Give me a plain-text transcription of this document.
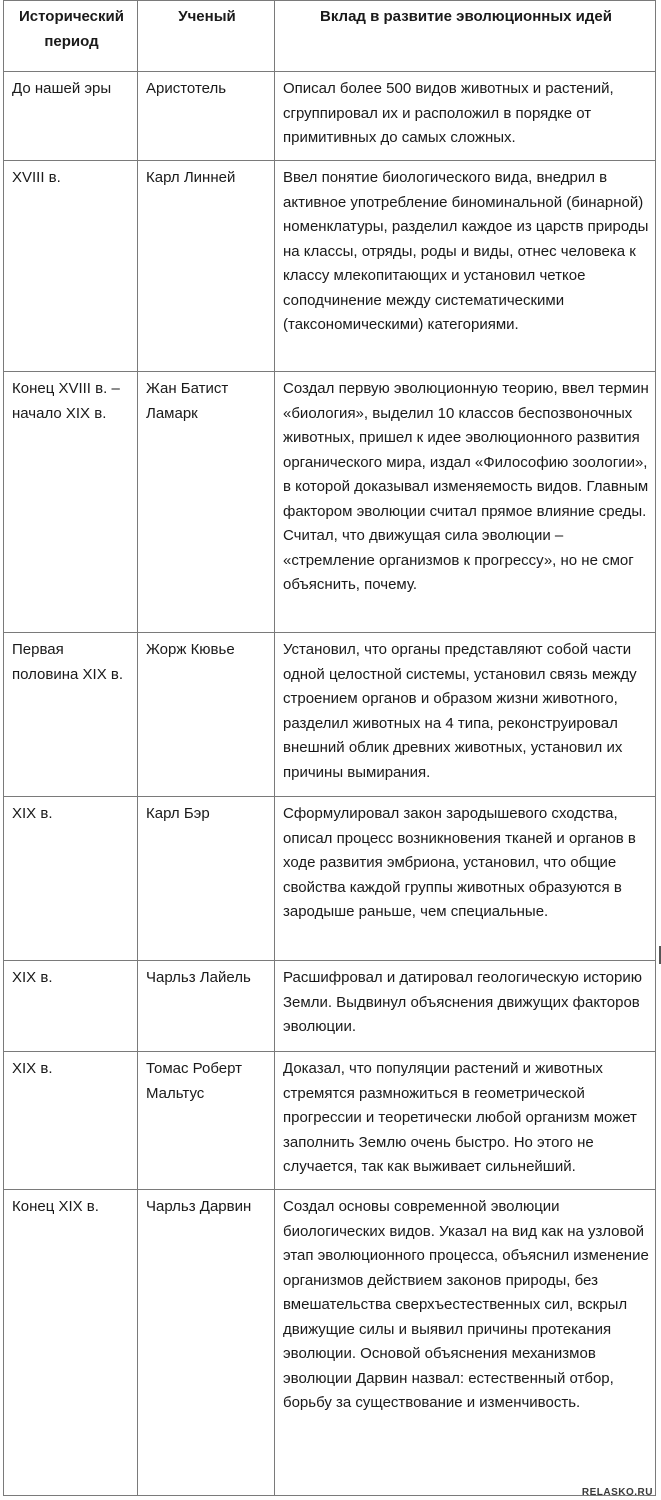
Исторический период	Ученый	Вклад в развитие эволюционных идей
До нашей эры	Аристотель	Описал более 500 видов животных и растений, сгруппировал их и расположил в порядке от примитивных до самых сложных.
XVIII в.	Карл Линней	Ввел понятие биологического вида, внедрил в активное употребление биноминальной (бинарной) номенклатуры, разделил каждое из царств природы на классы, отряды, роды и виды, отнес человека к классу млекопитающих и установил четкое соподчинение между систематическими (таксономическими) категориями.
Конец XVIII в. – начало XIX в.	Жан Батист Ламарк	Создал первую эволюционную теорию, ввел термин «биология», выделил 10 классов беспозвоночных животных, пришел к идее эволюционного развития органического мира, издал «Философию зоологии», в которой доказывал изменяемость видов. Главным фактором эволюции считал прямое влияние среды. Считал, что движущая сила эволюции – «стремление организмов к прогрессу», но не смог объяснить, почему.
Первая половина XIX в.	Жорж Кювье	Установил, что органы представляют собой части одной целостной системы, установил связь между строением органов и образом жизни животного, разделил животных на 4 типа, реконструировал внешний облик древних животных, установил их причины вымирания.
XIX в.	Карл Бэр	Сформулировал закон зародышевого сходства, описал процесс возникновения тканей и органов в ходе развития эмбриона, установил, что общие свойства каждой группы животных образуются в зародыше раньше, чем специальные.
XIX в.	Чарльз Лайель	Расшифровал и датировал геологическую историю Земли. Выдвинул объяснения движущих факторов эволюции.
XIX в.	Томас Роберт Мальтус	Доказал, что популяции растений и животных стремятся размножиться в геометрической прогрессии и теоретически любой организм может заполнить Землю очень быстро. Но этого не случается, так как выживает сильнейший.
Конец XIX в.	Чарльз Дарвин	Создал основы современной эволюции биологических видов. Указал на вид как на узловой этап эволюционного процесса, объяснил изменение организмов действием законов природы, без вмешательства сверхъестественных сил, вскрыл движущие силы и выявил причины протекания эволюции. Основой объяснения механизмов эволюции Дарвин назвал: естественный отбор, борьбу за существование и изменчивость.
RELASKO.RU
